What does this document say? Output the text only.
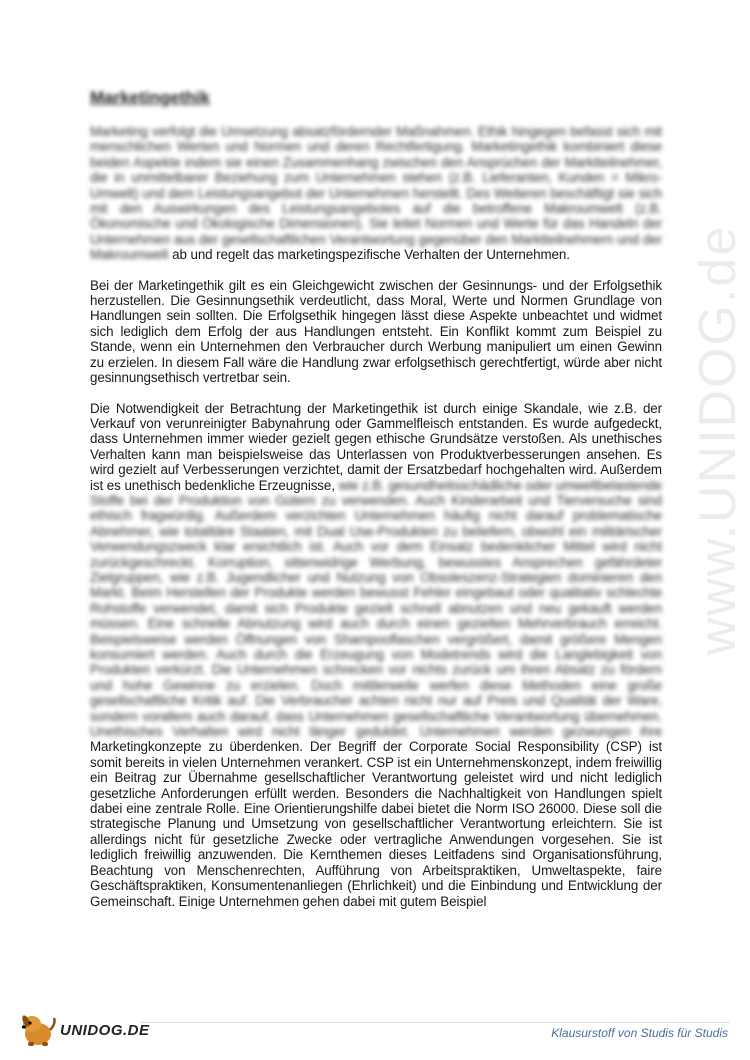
www.UNIDOG.de
Marketingethik

Marketing verfolgt die Umsetzung absatzfördernder Maßnahmen. Ethik hingegen befasst sich mit menschlichen Werten und Normen und deren Rechtfertigung. Marketingethik kombiniert diese beiden Aspekte indem sie einen Zusammenhang zwischen den Ansprüchen der Marktteilnehmer, die in unmittelbarer Beziehung zum Unternehmen stehen (z.B. Lieferanten, Kunden = Mikro-Umwelt) und dem Leistungsangebot der Unternehmen herstellt. Des Weiteren beschäftigt sie sich mit den Auswirkungen des Leistungsangebotes auf die betroffene Makroumwelt (z.B. Ökonomische und Ökologische Dimensionen). Sie leitet Normen und Werte für das Handeln der Unternehmen aus der gesellschaftlichen Verantwortung gegenüber den Marktteilnehmern und der Makroumwelt ab und regelt das marketingspezifische Verhalten der Unternehmen.

Bei der Marketingethik gilt es ein Gleichgewicht zwischen der Gesinnungs- und der Erfolgsethik herzustellen. Die Gesinnungsethik verdeutlicht, dass Moral, Werte und Normen Grundlage von Handlungen sein sollten. Die Erfolgsethik hingegen lässt diese Aspekte unbeachtet und widmet sich lediglich dem Erfolg der aus Handlungen entsteht. Ein Konflikt kommt zum Beispiel zu Stande, wenn ein Unternehmen den Verbraucher durch Werbung manipuliert um einen Gewinn zu erzielen. In diesem Fall wäre die Handlung zwar erfolgsethisch gerechtfertigt, würde aber nicht gesinnungsethisch vertretbar sein.

Die Notwendigkeit der Betrachtung der Marketingethik ist durch einige Skandale, wie z.B. der Verkauf von verunreinigter Babynahrung oder Gammelfleisch entstanden. Es wurde aufgedeckt, dass Unternehmen immer wieder gezielt gegen ethische Grundsätze verstoßen. Als unethisches Verhalten kann man beispielsweise das Unterlassen von Produktverbesserungen ansehen. Es wird gezielt auf Verbesserungen verzichtet, damit der Ersatzbedarf hochgehalten wird. Außerdem ist es unethisch bedenkliche Erzeugnisse, wie z.B. gesundheitsschädliche oder umweltbelastende Stoffe bei der Produktion von Gütern zu verwenden. Auch Kinderarbeit und Tierversuche sind ethisch fragwürdig. Außerdem verzichten Unternehmen häufig nicht darauf problematische Abnehmer, wie totalitäre Staaten, mit Dual Use-Produkten zu beliefern, obwohl ein militärischer Verwendungszweck klar ersichtlich ist. Auch vor dem Einsatz bedenklicher Mittel wird nicht zurückgeschreckt. Korruption, sittenwidrige Werbung, bewusstes Ansprechen gefährdeter Zielgruppen, wie z.B. Jugendlicher und Nutzung von Obsoleszenz-Strategien dominieren den Markt. Beim Herstellen der Produkte werden bewusst Fehler eingebaut oder qualitativ schlechte Rohstoffe verwendet, damit sich Produkte gezielt schnell abnutzen und neu gekauft werden müssen. Eine schnelle Abnutzung wird auch durch einen gezielten Mehrverbrauch erreicht. Beispielsweise werden Öffnungen von Shampooflaschen vergrößert, damit größere Mengen konsumiert werden. Auch durch die Erzeugung von Modetrends wird die Langlebigkeit von Produkten verkürzt. Die Unternehmen schrecken vor nichts zurück um ihren Absatz zu fördern und hohe Gewinne zu erzielen. Doch mittlerweile werfen diese Methoden eine große gesellschaftliche Kritik auf. Die Verbraucher achten nicht nur auf Preis und Qualität der Ware, sondern vorallem auch darauf, dass Unternehmen gesellschaftliche Verantwortung übernehmen. Unethisches Verhalten wird nicht länger geduldet. Unternehmen werden gezwungen ihre Marketingkonzepte zu überdenken. Der Begriff der Corporate Social Responsibility (CSP) ist somit bereits in vielen Unternehmen verankert. CSP ist ein Unternehmenskonzept, indem freiwillig ein Beitrag zur Übernahme gesellschaftlicher Verantwortung geleistet wird und nicht lediglich gesetzliche Anforderungen erfüllt werden. Besonders die Nachhaltigkeit von Handlungen spielt dabei eine zentrale Rolle. Eine Orientierungshilfe dabei bietet die Norm ISO 26000. Diese soll die strategische Planung und Umsetzung von gesellschaftlicher Verantwortung erleichtern. Sie ist allerdings nicht für gesetzliche Zwecke oder vertragliche Anwendungen vorgesehen. Sie ist lediglich freiwillig anzuwenden. Die Kernthemen dieses Leitfadens sind Organisationsführung, Beachtung von Menschenrechten, Aufführung von Arbeitspraktiken, Umweltaspekte, faire Geschäftspraktiken, Konsumentenanliegen (Ehrlichkeit) und die Einbindung und Entwicklung der Gemeinschaft. Einige Unternehmen gehen dabei mit gutem Beispiel

UNIDOG.DE	Klausurstoff von Studis für Studis
